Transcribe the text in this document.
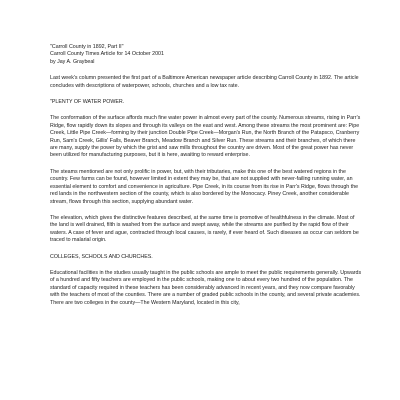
"Carroll County in 1892, Part II"

Carroll County Times Article for 14 October 2001

by Jay A. Graybeal

Last week's column presented the first part of a Baltimore American newspaper article describing Carroll County in 1892. The article concludes with descriptions of waterpower, schools, churches and a low tax rate.

"PLENTY OF WATER POWER.

The conformation of the surface affords much fine water power in almost every part of the county. Numerous streams, rising in Parr's Ridge, flow rapidly down its slopes and through its valleys on the east and west. Among these streams the most prominent are: Pipe Creek, Little Pipe Creek—forming by their junction Double Pipe Creek—Morgan's Run, the North Branch of the Patapsco, Cranberry Run, Sam's Creek, Gillis' Falls, Beaver Branch, Meadow Branch and Silver Run. These streams and their branches, of which there are many, supply the power by which the grist and saw mills throughout the country are driven. Most of the great power has never been utilized for manufacturing purposes, but it is here, awaiting to reward enterprise.

The steams mentioned are not only prolific in power, but, with their tributaries, make this one of the best watered regions in the country. Few farms can be found, however limited in extent they may be, that are not supplied with never-failing running water, an essential element to comfort and convenience in agriculture. Pipe Creek, in its course from its rise in Parr's Ridge, flows through the red lands in the northwestern section of the county, which is also bordered by the Monocacy. Piney Creek, another considerable stream, flows through this section, supplying abundant water.

The elevation, which gives the distinctive features described, at the same time is promotive of healthfulness in the climate. Most of the land is well drained, filth is washed from the surface and swept away, while the streams are purified by the rapid flow of their waters. A case of fever and ague, contracted through local causes, is rarely, if ever heard of. Such diseases as occur can seldom be traced to malarial origin.

COLLEGES, SCHOOLS AND CHURCHES.

Educational facilities in the studies usually taught in the public schools are ample to meet the public requirements generally. Upwards of a hundred and fifty teachers are employed in the public schools, making one to about every two hundred of the population. The standard of capacity required in these teachers has been considerably advanced in recent years, and they now compare favorably with the teachers of most of the counties. There are a number of graded public schools in the county, and several private academies. There are two colleges in the county—The Western Maryland, located in this city,
